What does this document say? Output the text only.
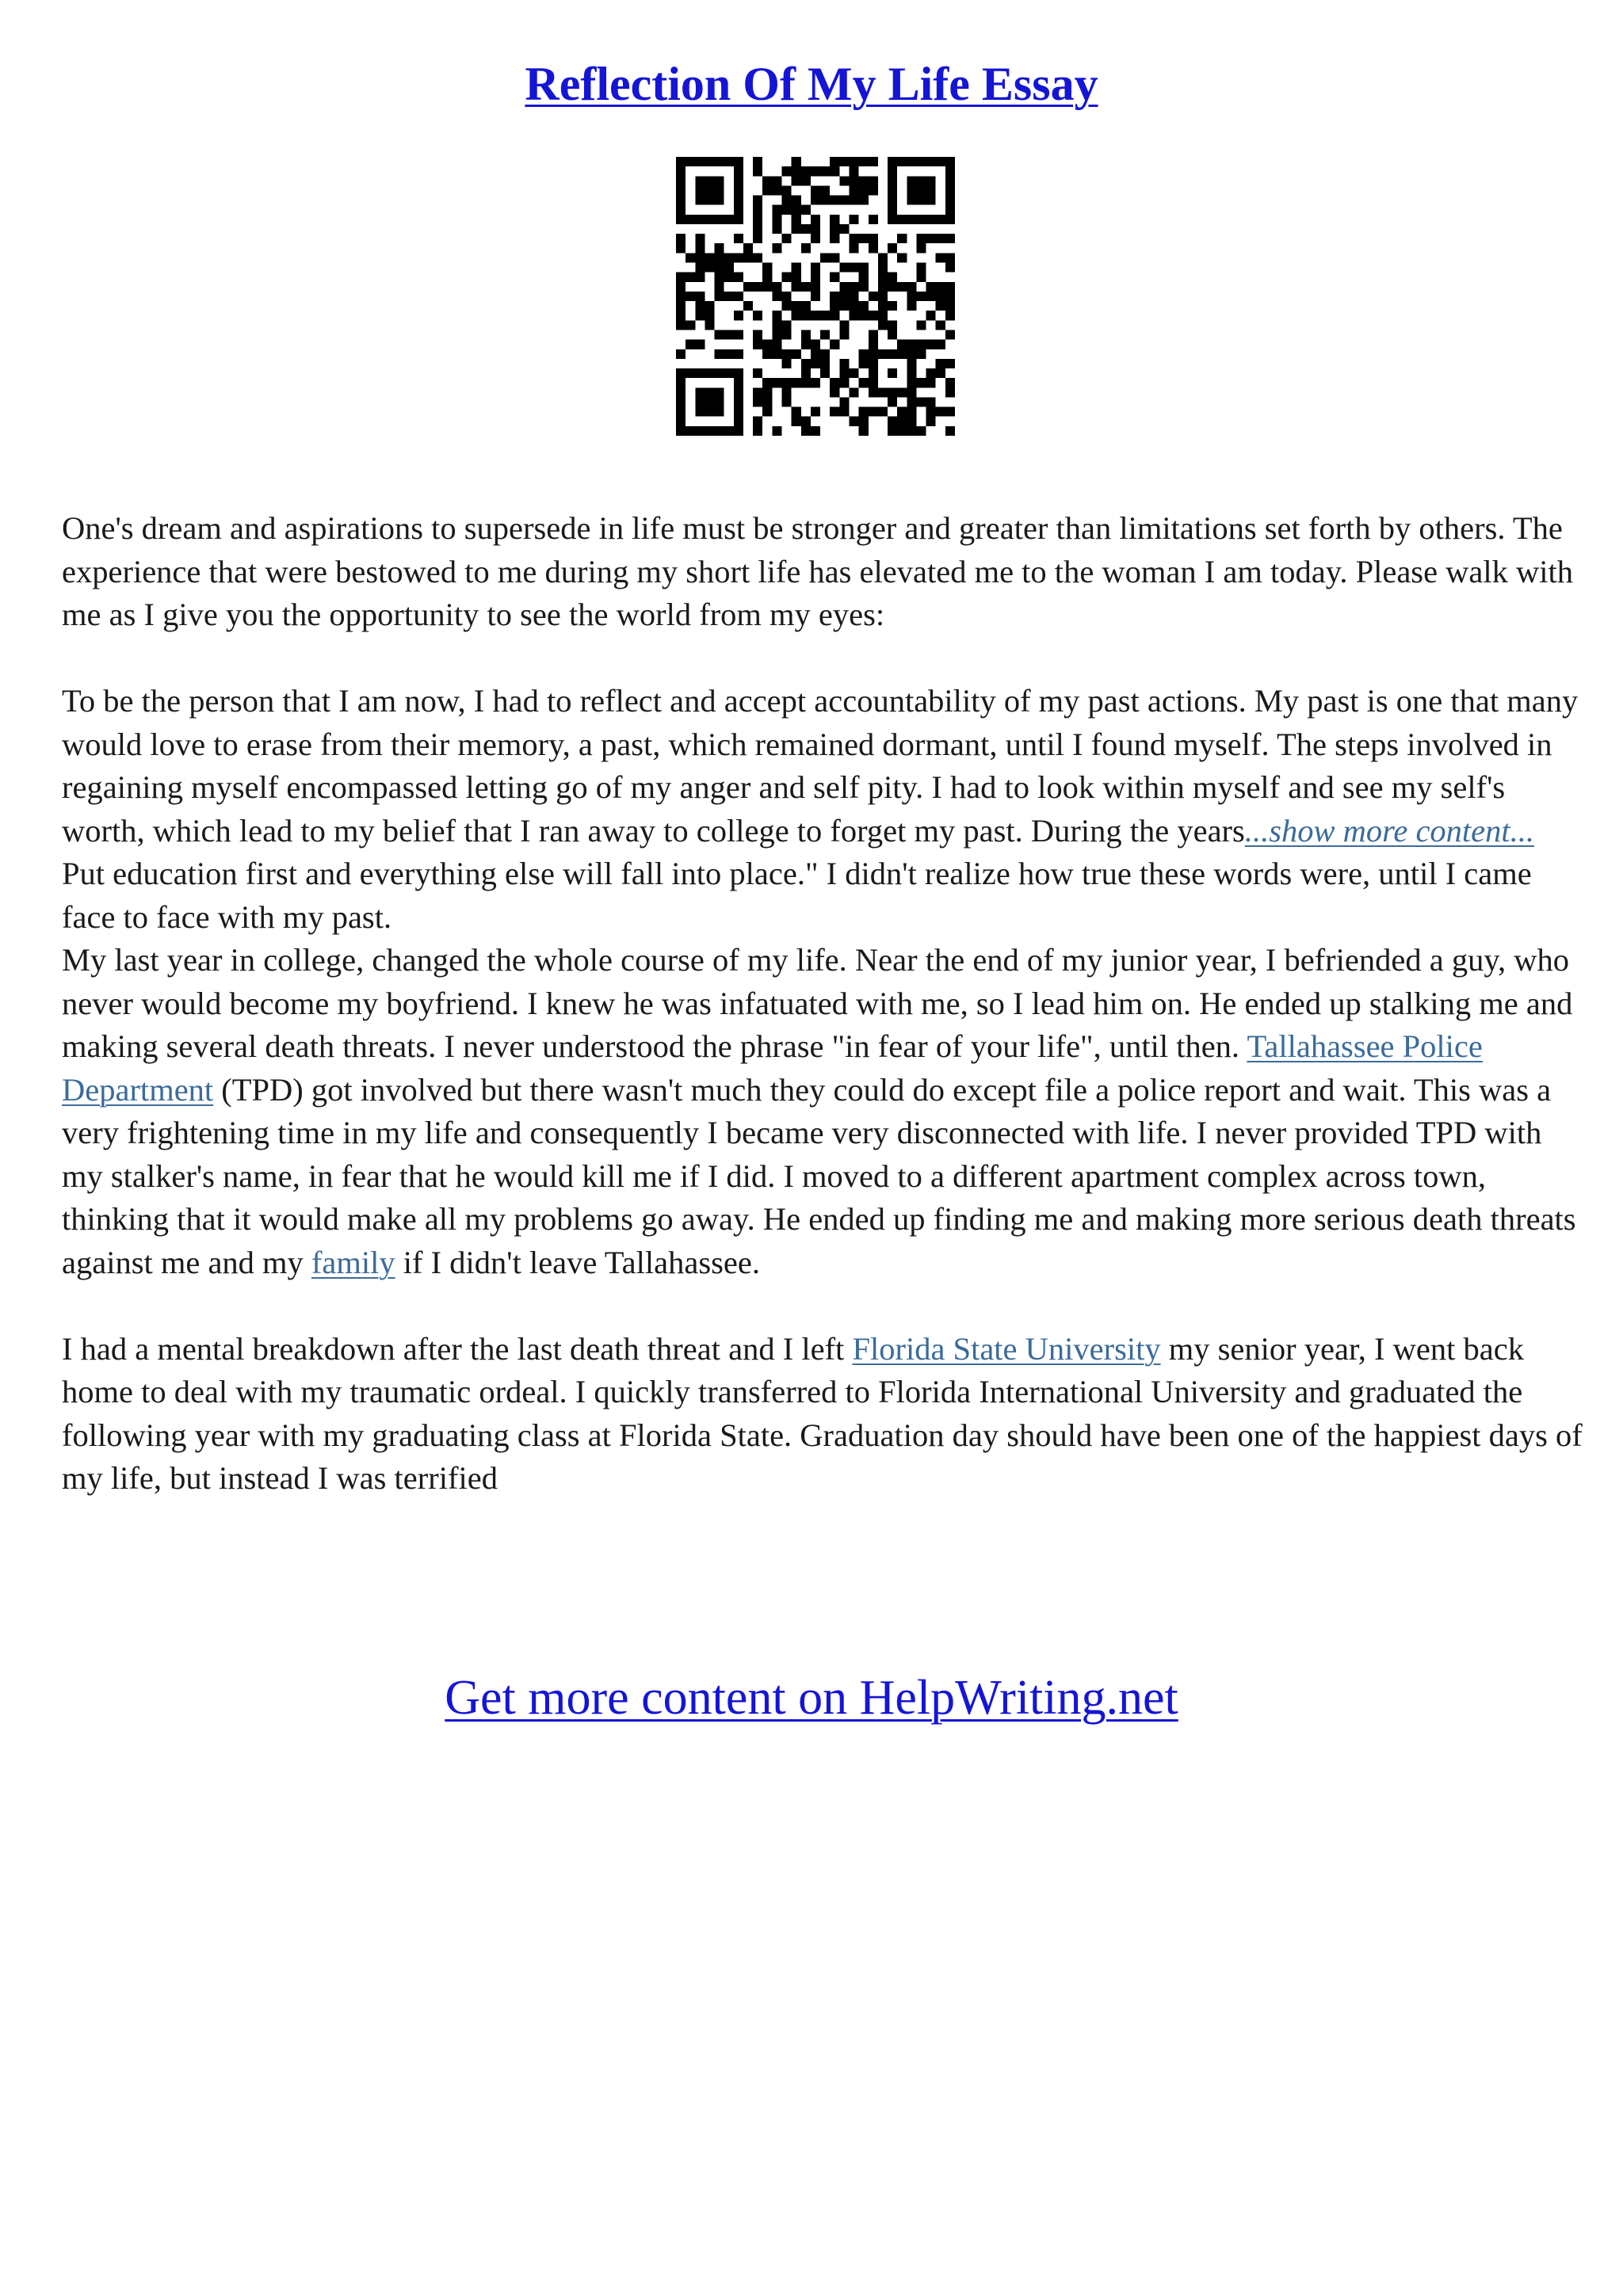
Reflection Of My Life Essay

One's dream and aspirations to supersede in life must be stronger and greater than limitations set forth by others. The experience that were bestowed to me during my short life has elevated me to the woman I am today. Please walk with me as I give you the opportunity to see the world from my eyes:

To be the person that I am now, I had to reflect and accept accountability of my past actions. My past is one that many would love to erase from their memory, a past, which remained dormant, until I found myself. The steps involved in regaining myself encompassed letting go of my anger and self pity. I had to look within myself and see my self's worth, which lead to my belief that I ran away to college to forget my past. During the years...show more content...

Put education first and everything else will fall into place." I didn't realize how true these words were, until I came face to face with my past.

My last year in college, changed the whole course of my life. Near the end of my junior year, I befriended a guy, who never would become my boyfriend. I knew he was infatuated with me, so I lead him on. He ended up stalking me and making several death threats. I never understood the phrase "in fear of your life", until then. Tallahassee Police Department (TPD) got involved but there wasn't much they could do except file a police report and wait. This was a very frightening time in my life and consequently I became very disconnected with life. I never provided TPD with my stalker's name, in fear that he would kill me if I did. I moved to a different apartment complex across town, thinking that it would make all my problems go away. He ended up finding me and making more serious death threats against me and my family if I didn't leave Tallahassee.

I had a mental breakdown after the last death threat and I left Florida State University my senior year, I went back home to deal with my traumatic ordeal. I quickly transferred to Florida International University and graduated the following year with my graduating class at Florida State. Graduation day should have been one of the happiest days of my life, but instead I was terrified

Get more content on HelpWriting.net
